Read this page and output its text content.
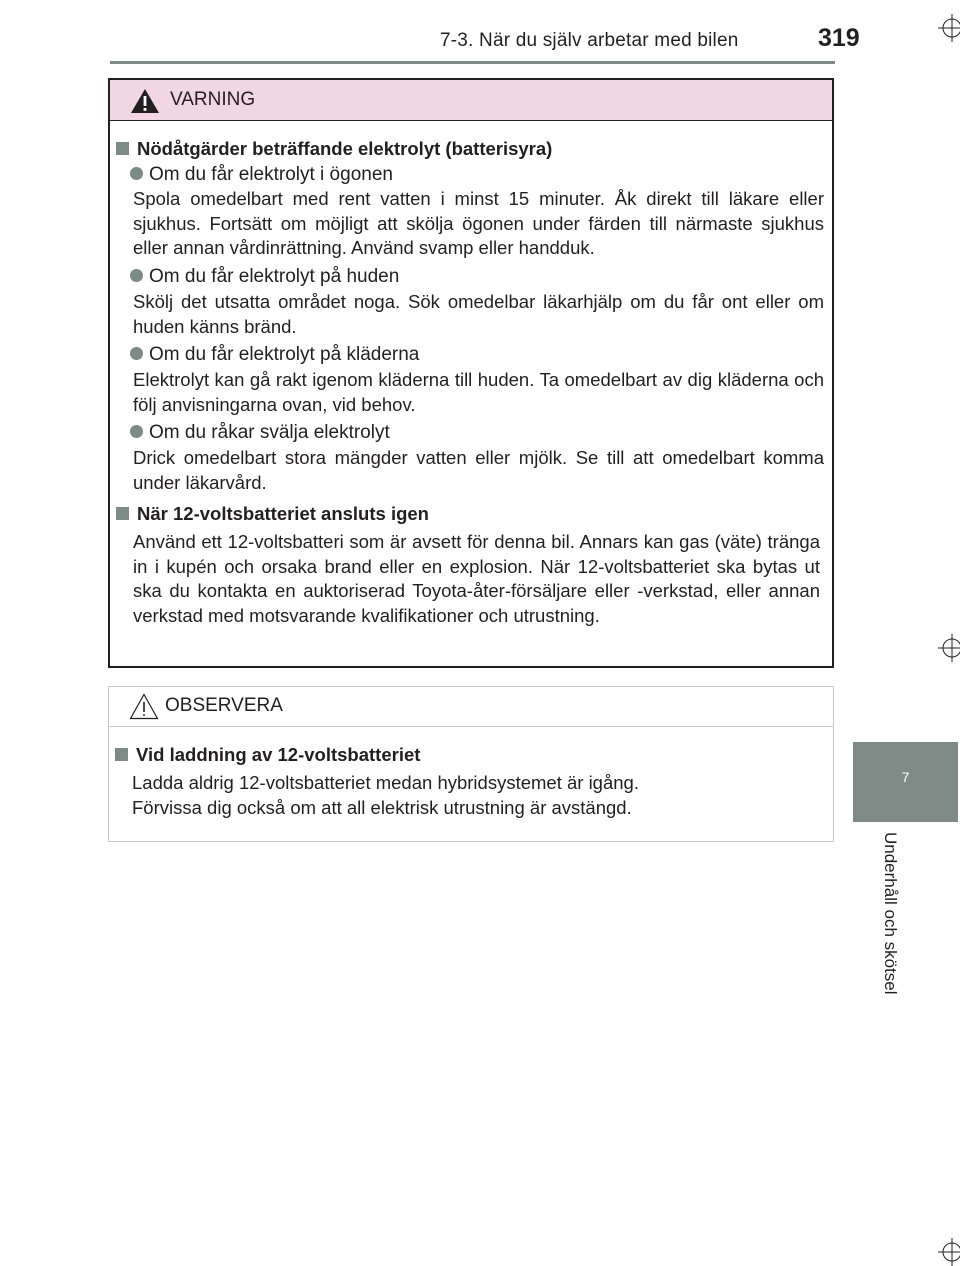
7-3. När du själv arbetar med bilen	319
7
Underhåll och skötsel
VARNING
Nödåtgärder beträffande elektrolyt (batterisyra)
Om du får elektrolyt i ögonen
Spola omedelbart med rent vatten i minst 15 minuter. Åk direkt till läkare eller sjukhus. Fortsätt om möjligt att skölja ögonen under färden till närmaste sjukhus eller annan vårdinrättning. Använd svamp eller handduk.
Om du får elektrolyt på huden
Skölj det utsatta området noga. Sök omedelbar läkarhjälp om du får ont eller om huden känns bränd.
Om du får elektrolyt på kläderna
Elektrolyt kan gå rakt igenom kläderna till huden. Ta omedelbart av dig kläderna och följ anvisningarna ovan, vid behov.
Om du råkar svälja elektrolyt
Drick omedelbart stora mängder vatten eller mjölk. Se till att omedelbart komma under läkarvård.
När 12-voltsbatteriet ansluts igen
Använd ett 12-voltsbatteri som är avsett för denna bil. Annars kan gas (väte) tränga in i kupén och orsaka brand eller en explosion. När 12-voltsbatteriet ska bytas ut ska du kontakta en auktoriserad Toyota-åter-försäljare eller -verkstad, eller annan verkstad med motsvarande kvalifikationer och utrustning.
OBSERVERA
Vid laddning av 12-voltsbatteriet
Ladda aldrig 12-voltsbatteriet medan hybridsystemet är igång.
Förvissa dig också om att all elektrisk utrustning är avstängd.
